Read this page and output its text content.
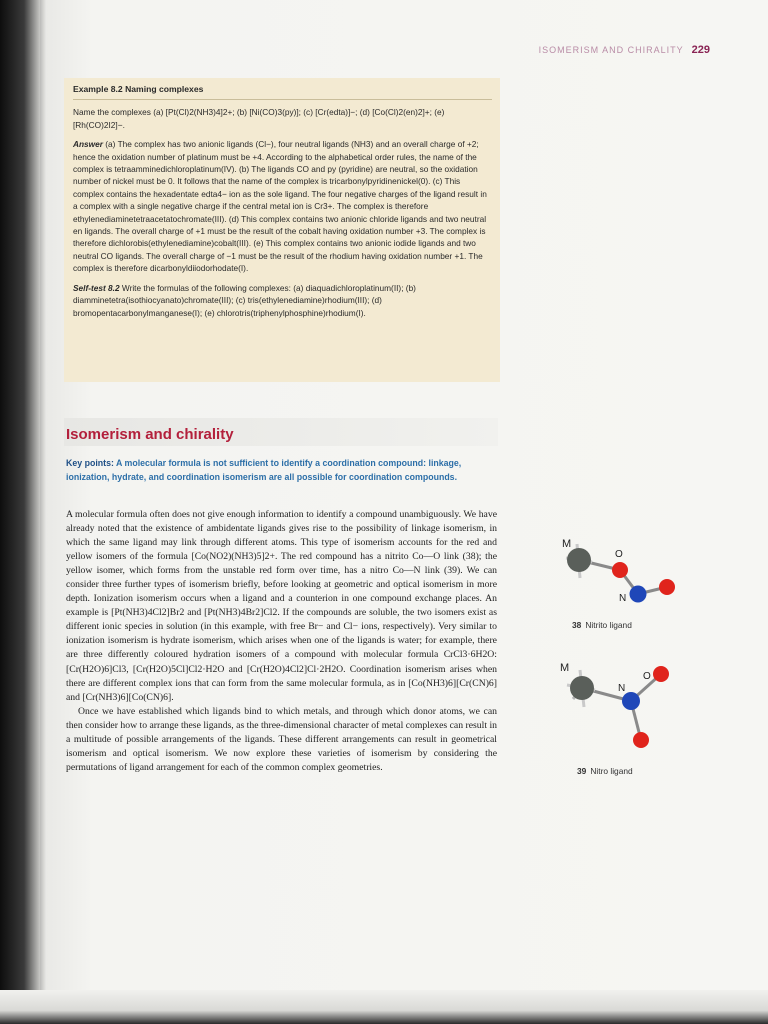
ISOMERISM AND CHIRALITY 229
Example 8.2 Naming complexes

Name the complexes (a) [Pt(Cl)2(NH3)4]2+; (b) [Ni(CO)3(py)]; (c) [Cr(edta)]−; (d) [Co(Cl)2(en)2]+; (e) [Rh(CO)2I2]−.

Answer (a) The complex has two anionic ligands (Cl−), four neutral ligands (NH3) and an overall charge of +2; hence the oxidation number of platinum must be +4. According to the alphabetical order rules, the name of the complex is tetraamminedichloroplatinum(IV). (b) The ligands CO and py (pyridine) are neutral, so the oxidation number of nickel must be 0. It follows that the name of the complex is tricarbonylpyridinenickel(0). (c) This complex contains the hexadentate edta4− ion as the sole ligand. The four negative charges of the ligand result in a complex with a single negative charge if the central metal ion is Cr3+. The complex is therefore ethylenediaminetetraacetatochromate(III). (d) This complex contains two anionic chloride ligands and two neutral en ligands. The overall charge of +1 must be the result of the cobalt having oxidation number +3. The complex is therefore dichlorobis(ethylenediamine)cobalt(III). (e) This complex contains two anionic iodide ligands and two neutral CO ligands. The overall charge of −1 must be the result of the rhodium having oxidation number +1. The complex is therefore dicarbonyldiiodorhodate(I).

Self-test 8.2 Write the formulas of the following complexes: (a) diaquadichloroplatinum(II); (b) diamminetetra(isothiocyanato)chromate(III); (c) tris(ethylenediamine)rhodium(III); (d) bromopentacarbonylmanganese(I); (e) chlorotris(triphenylphosphine)rhodium(I).

Isomerism and chirality
Key points: A molecular formula is not sufficient to identify a coordination compound: linkage, ionization, hydrate, and coordination isomerism are all possible for coordination compounds.

A molecular formula often does not give enough information to identify a compound unambiguously. We have already noted that the existence of ambidentate ligands gives rise to the possibility of linkage isomerism, in which the same ligand may link through different atoms. This type of isomerism accounts for the red and yellow isomers of the formula [Co(NO2)(NH3)5]2+. The red compound has a nitrito Co—O link (38); the yellow isomer, which forms from the unstable red form over time, has a nitro Co—N link (39). We can consider three further types of isomerism briefly, before looking at geometric and optical isomerism in more depth. Ionization isomerism occurs when a ligand and a counterion in one compound exchange places. An example is [Pt(NH3)4Cl2]Br2 and [Pt(NH3)4Br2]Cl2. If the compounds are soluble, the two isomers exist as different ionic species in solution (in this example, with free Br− and Cl− ions, respectively). Very similar to ionization isomerism is hydrate isomerism, which arises when one of the ligands is water; for example, there are three differently coloured hydration isomers of a compound with molecular formula CrCl3·6H2O: [Cr(H2O)6]Cl3, [Cr(H2O)5Cl]Cl2·H2O and [Cr(H2O)4Cl2]Cl·2H2O. Coordination isomerism arises when there are different complex ions that can form from the same molecular formula, as in [Co(NH3)6][Cr(CN)6] and [Cr(NH3)6][Co(CN)6].

Once we have established which ligands bind to which metals, and through which donor atoms, we can then consider how to arrange these ligands, as the three-dimensional character of metal complexes can result in a multitude of possible arrangements of the ligands. These different arrangements can result in geometrical isomerism and optical isomerism. We now explore these varieties of isomerism by considering the permutations of ligand arrangement for each of the common complex geometries.

M
O
N
38 Nitrito ligand
M
N
O
39 Nitro ligand
